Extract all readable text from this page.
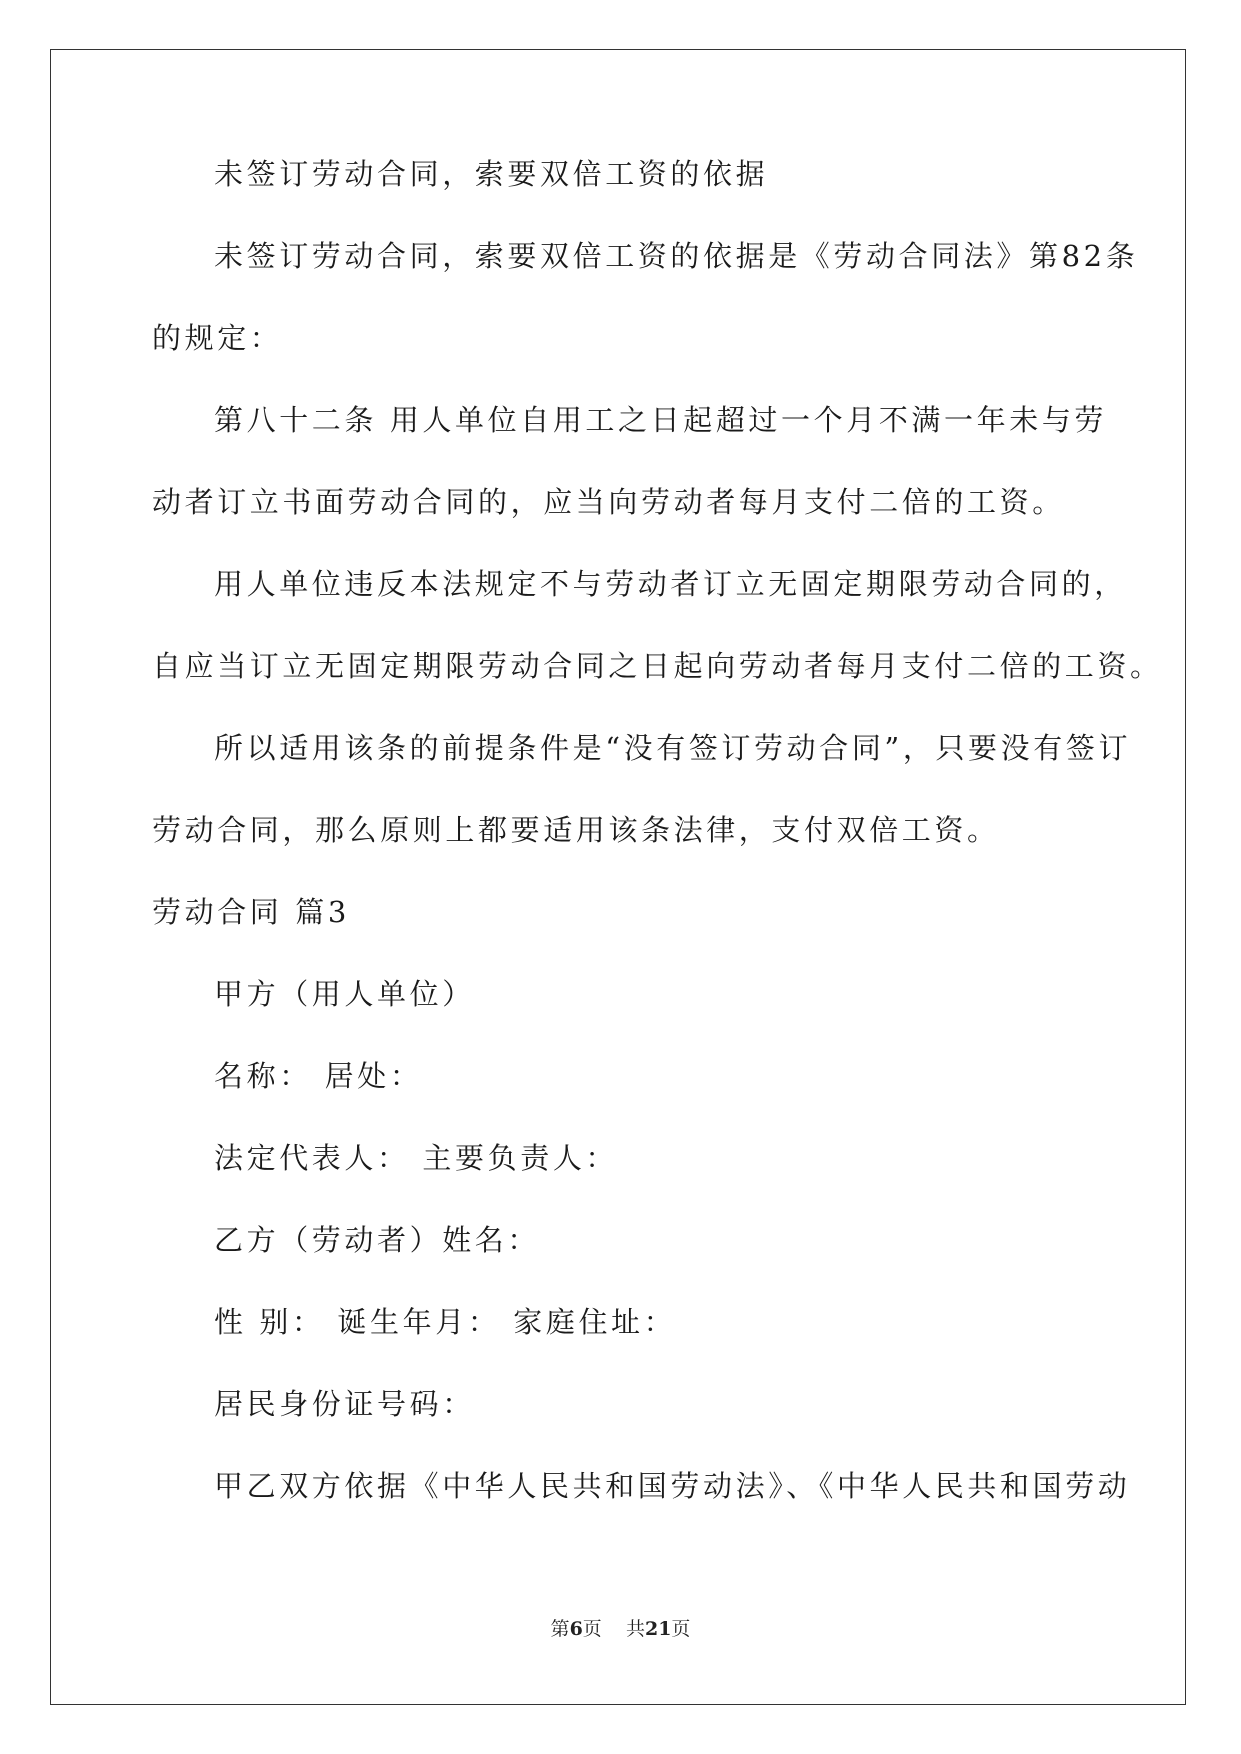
未签订劳动合同，索要双倍工资的依据
未签订劳动合同，索要双倍工资的依据是《劳动合同法》第82条
的规定：
第八十二条 用人单位自用工之日起超过一个月不满一年未与劳
动者订立书面劳动合同的，应当向劳动者每月支付二倍的工资。
用人单位违反本法规定不与劳动者订立无固定期限劳动合同的，
自应当订立无固定期限劳动合同之日起向劳动者每月支付二倍的工资。
所以适用该条的前提条件是“没有签订劳动合同”，只要没有签订
劳动合同，那么原则上都要适用该条法律，支付双倍工资。
劳动合同 篇3
甲方（用人单位）
名称： 居处：
法定代表人： 主要负责人：
乙方（劳动者）姓名：
性 别： 诞生年月： 家庭住址：
居民身份证号码：
甲乙双方依据《中华人民共和国劳动法》、《中华人民共和国劳动
第6页    共21页
